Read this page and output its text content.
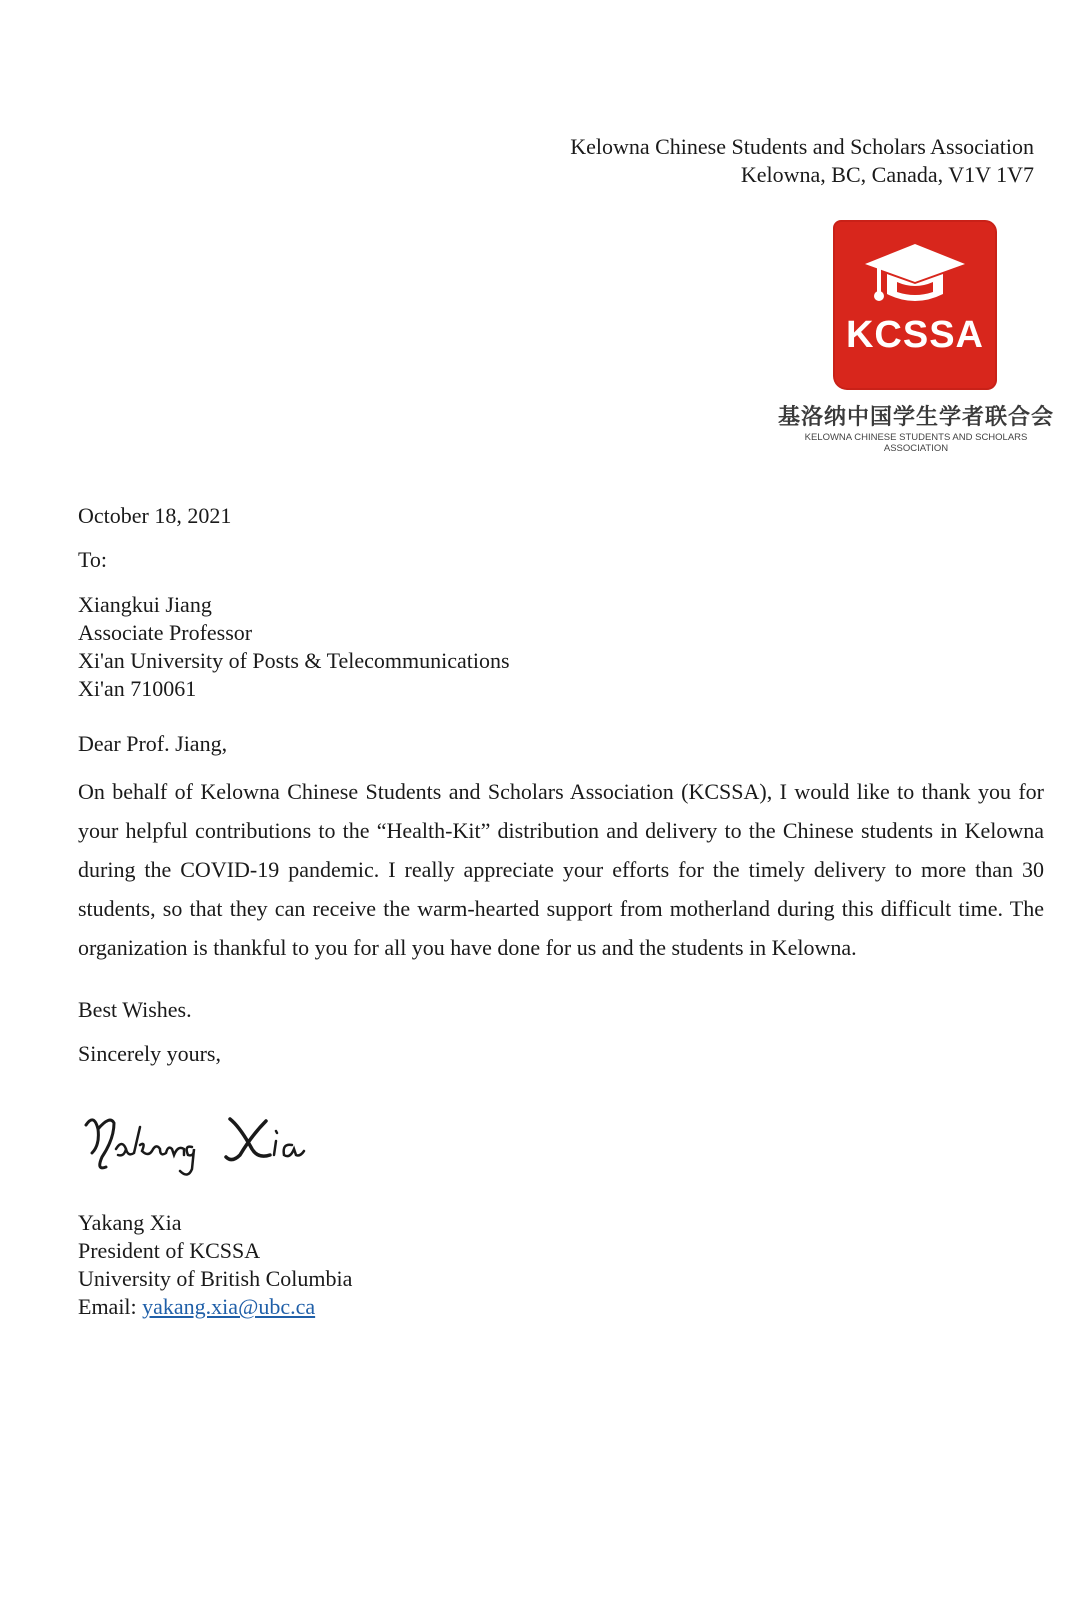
Kelowna Chinese Students and Scholars Association
Kelowna, BC, Canada, V1V 1V7
KCSSA
基洛纳中国学生学者联合会
KELOWNA CHINESE STUDENTS AND SCHOLARS ASSOCIATION
October 18, 2021
To:
Xiangkui Jiang
Associate Professor
Xi'an University of Posts & Telecommunications
Xi'an 710061
Dear Prof. Jiang,
On behalf of Kelowna Chinese Students and Scholars Association (KCSSA), I would like to thank you for your helpful contributions to the “Health-Kit” distribution and delivery to the Chinese students in Kelowna during the COVID-19 pandemic. I really appreciate your efforts for the timely delivery to more than 30 students, so that they can receive the warm-hearted support from motherland during this difficult time. The organization is thankful to you for all you have done for us and the students in Kelowna.
Best Wishes.
Sincerely yours,
Yakang Xia
President of KCSSA
University of British Columbia
Email: yakang.xia@ubc.ca
